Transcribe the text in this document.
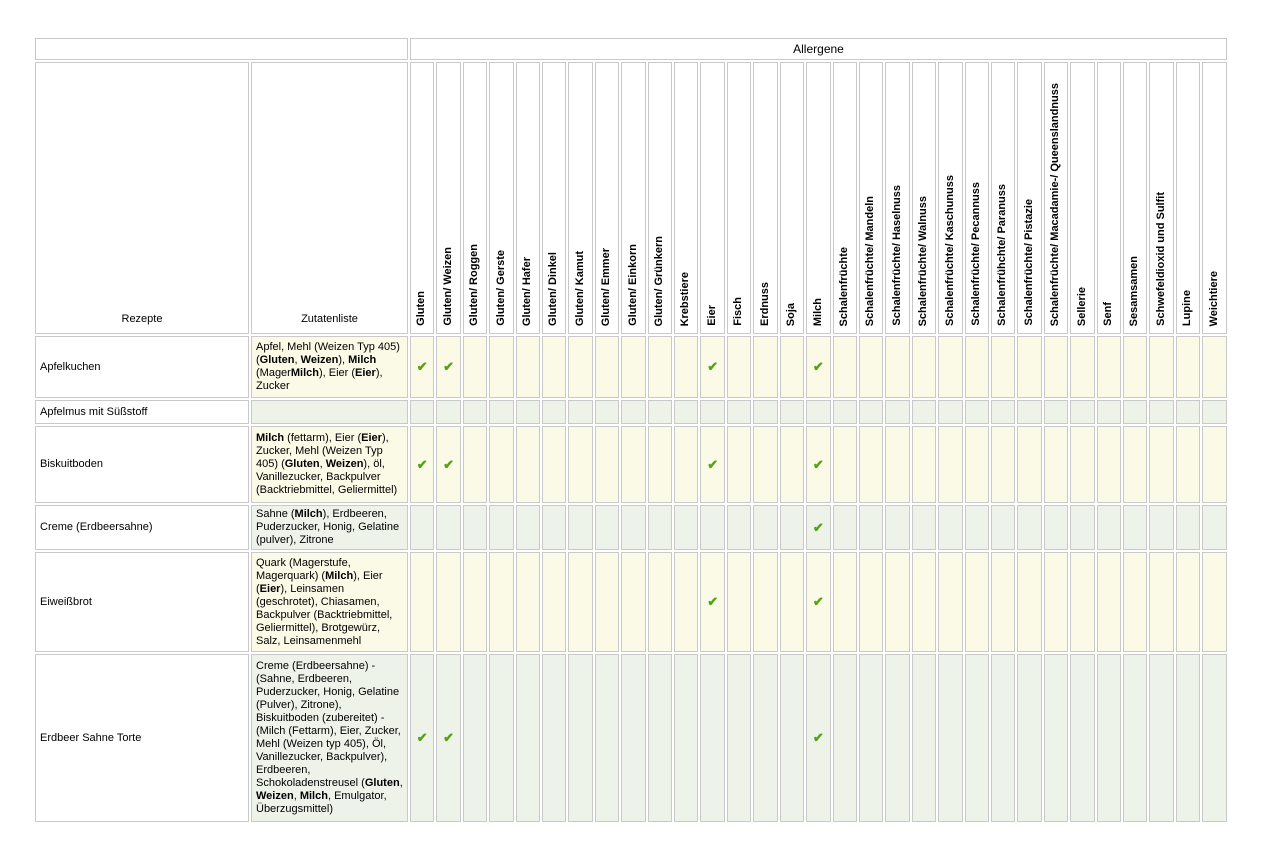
		Allergene																														
Rezepte	Zutatenliste	Gluten	Gluten/ Weizen	Gluten/ Roggen	Gluten/ Gerste	Gluten/ Hafer	Gluten/ Dinkel	Gluten/ Kamut	Gluten/ Emmer	Gluten/ Einkorn	Gluten/ Grünkern	Krebstiere	Eier	Fisch	Erdnuss	Soja	Milch	Schalenfrüchte	Schalenfrüchte/ Mandeln	Schalenfrüchte/ Haselnuss	Schalenfrüchte/ Walnuss	Schalenfrüchte/ Kaschunuss	Schalenfrüchte/ Pecannuss	Schalenfrühchte/ Paranuss	Schalenfrüchte/ Pistazie	Schalenfrüchte/ Macadamie-/ Queenslandnuss	Sellerie	Senf	Sesamsamen	Schwefeldioxid und Sulfit	Lupine	Weichtiere
Apfelkuchen	Apfel, Mehl (Weizen Typ 405) (Gluten, Weizen), Milch (MagerMilch), Eier (Eier), Zucker	✔	✔										✔				✔															
Apfelmus mit Süßstoff																																
Biskuitboden	Milch (fettarm), Eier (Eier), Zucker, Mehl (Weizen Typ 405) (Gluten, Weizen), öl, Vanillezucker, Backpulver (Backtriebmittel, Geliermittel)	✔	✔										✔				✔															
Creme (Erdbeersahne)	Sahne (Milch), Erdbeeren, Puderzucker, Honig, Gelatine (pulver), Zitrone																✔															
Eiweißbrot	Quark (Magerstufe, Magerquark) (Milch), Eier (Eier), Leinsamen (geschrotet), Chiasamen, Backpulver (Backtriebmittel, Geliermittel), Brotgewürz, Salz, Leinsamenmehl												✔				✔															
Erdbeer Sahne Torte	Creme (Erdbeersahne) - (Sahne, Erdbeeren, Puderzucker, Honig, Gelatine (Pulver), Zitrone), Biskuitboden (zubereitet) - (Milch (Fettarm), Eier, Zucker, Mehl (Weizen typ 405), Öl, Vanillezucker, Backpulver), Erdbeeren, Schokoladenstreusel (Gluten, Weizen, Milch, Emulgator, Überzugsmittel)	✔	✔														✔															
